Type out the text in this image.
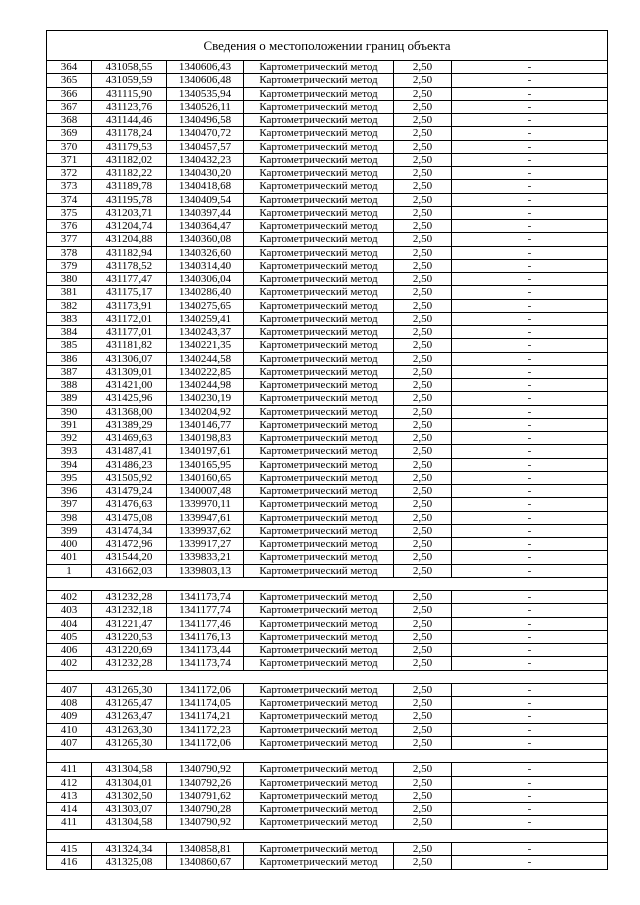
Сведения о местоположении границ объекта
364	431058,55	1340606,43	Картометрический метод	2,50	-
365	431059,59	1340606,48	Картометрический метод	2,50	-
366	431115,90	1340535,94	Картометрический метод	2,50	-
367	431123,76	1340526,11	Картометрический метод	2,50	-
368	431144,46	1340496,58	Картометрический метод	2,50	-
369	431178,24	1340470,72	Картометрический метод	2,50	-
370	431179,53	1340457,57	Картометрический метод	2,50	-
371	431182,02	1340432,23	Картометрический метод	2,50	-
372	431182,22	1340430,20	Картометрический метод	2,50	-
373	431189,78	1340418,68	Картометрический метод	2,50	-
374	431195,78	1340409,54	Картометрический метод	2,50	-
375	431203,71	1340397,44	Картометрический метод	2,50	-
376	431204,74	1340364,47	Картометрический метод	2,50	-
377	431204,88	1340360,08	Картометрический метод	2,50	-
378	431182,94	1340326,60	Картометрический метод	2,50	-
379	431178,52	1340314,40	Картометрический метод	2,50	-
380	431177,47	1340306,04	Картометрический метод	2,50	-
381	431175,17	1340286,40	Картометрический метод	2,50	-
382	431173,91	1340275,65	Картометрический метод	2,50	-
383	431172,01	1340259,41	Картометрический метод	2,50	-
384	431177,01	1340243,37	Картометрический метод	2,50	-
385	431181,82	1340221,35	Картометрический метод	2,50	-
386	431306,07	1340244,58	Картометрический метод	2,50	-
387	431309,01	1340222,85	Картометрический метод	2,50	-
388	431421,00	1340244,98	Картометрический метод	2,50	-
389	431425,96	1340230,19	Картометрический метод	2,50	-
390	431368,00	1340204,92	Картометрический метод	2,50	-
391	431389,29	1340146,77	Картометрический метод	2,50	-
392	431469,63	1340198,83	Картометрический метод	2,50	-
393	431487,41	1340197,61	Картометрический метод	2,50	-
394	431486,23	1340165,95	Картометрический метод	2,50	-
395	431505,92	1340160,65	Картометрический метод	2,50	-
396	431479,24	1340007,48	Картометрический метод	2,50	-
397	431476,63	1339970,11	Картометрический метод	2,50	-
398	431475,08	1339947,61	Картометрический метод	2,50	-
399	431474,34	1339937,62	Картометрический метод	2,50	-
400	431472,96	1339917,27	Картометрический метод	2,50	-
401	431544,20	1339833,21	Картометрический метод	2,50	-
1	431662,03	1339803,13	Картометрический метод	2,50	-
402	431232,28	1341173,74	Картометрический метод	2,50	-
403	431232,18	1341177,74	Картометрический метод	2,50	-
404	431221,47	1341177,46	Картометрический метод	2,50	-
405	431220,53	1341176,13	Картометрический метод	2,50	-
406	431220,69	1341173,44	Картометрический метод	2,50	-
402	431232,28	1341173,74	Картометрический метод	2,50	-
407	431265,30	1341172,06	Картометрический метод	2,50	-
408	431265,47	1341174,05	Картометрический метод	2,50	-
409	431263,47	1341174,21	Картометрический метод	2,50	-
410	431263,30	1341172,23	Картометрический метод	2,50	-
407	431265,30	1341172,06	Картометрический метод	2,50	-
411	431304,58	1340790,92	Картометрический метод	2,50	-
412	431304,01	1340792,26	Картометрический метод	2,50	-
413	431302,50	1340791,62	Картометрический метод	2,50	-
414	431303,07	1340790,28	Картометрический метод	2,50	-
411	431304,58	1340790,92	Картометрический метод	2,50	-
415	431324,34	1340858,81	Картометрический метод	2,50	-
416	431325,08	1340860,67	Картометрический метод	2,50	-
